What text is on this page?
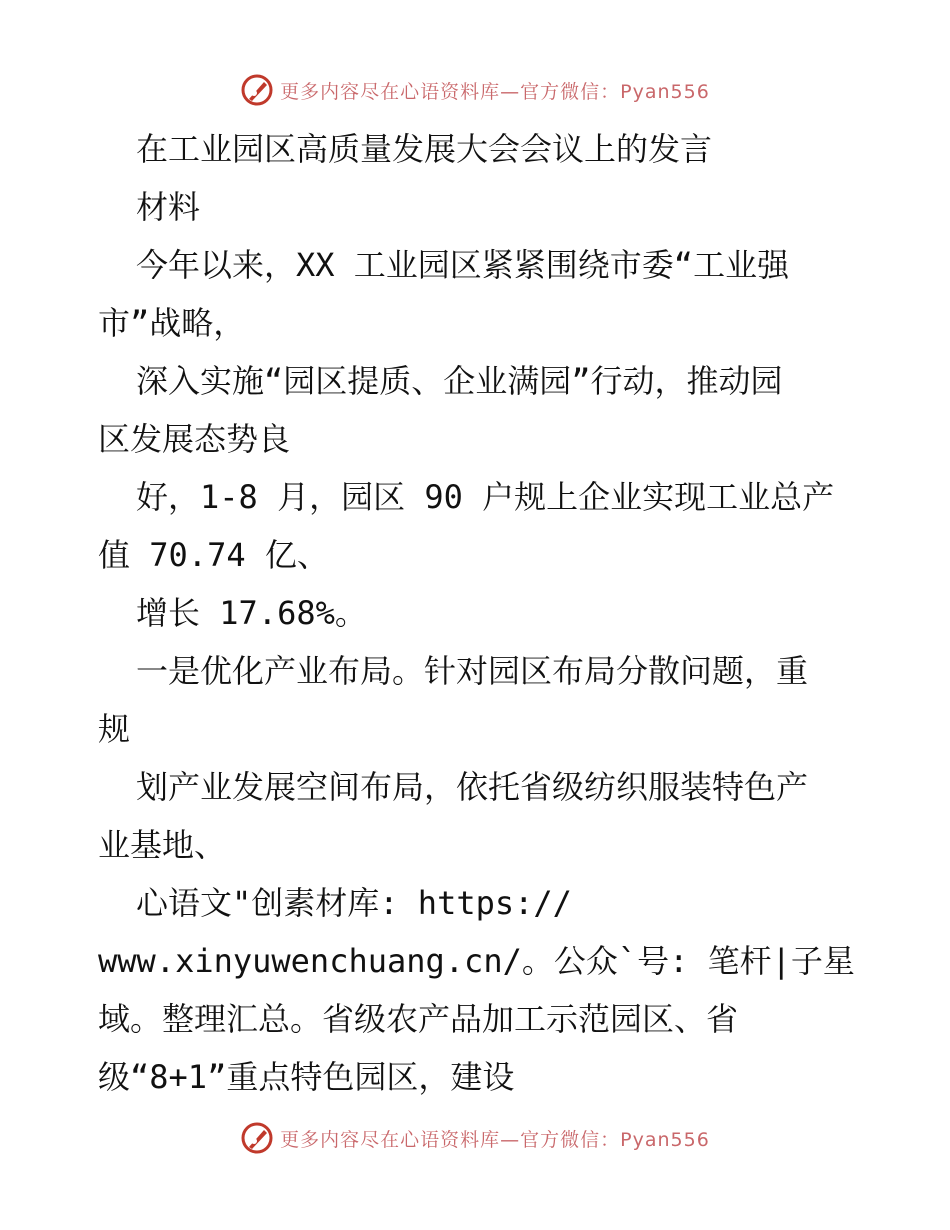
更多内容尽在心语资料库—官方微信：Pyan556
在工业园区高质量发展大会会议上的发言
材料
今年以来，XX 工业园区紧紧围绕市委“工业强
市”战略，
深入实施“园区提质、企业满园”行动，推动园
区发展态势良
好，1-8 月，园区 90 户规上企业实现工业总产
值 70.74 亿、
增长 17.68%。
一是优化产业布局。针对园区布局分散问题，重
规
划产业发展空间布局，依托省级纺织服装特色产
业基地、
心语文"创素材库: https://
www.xinyuwenchuang.cn/。公众`号: 笔杆|子星
域。整理汇总。省级农产品加工示范园区、省
级“8+1”重点特色园区，建设
更多内容尽在心语资料库—官方微信：Pyan556
